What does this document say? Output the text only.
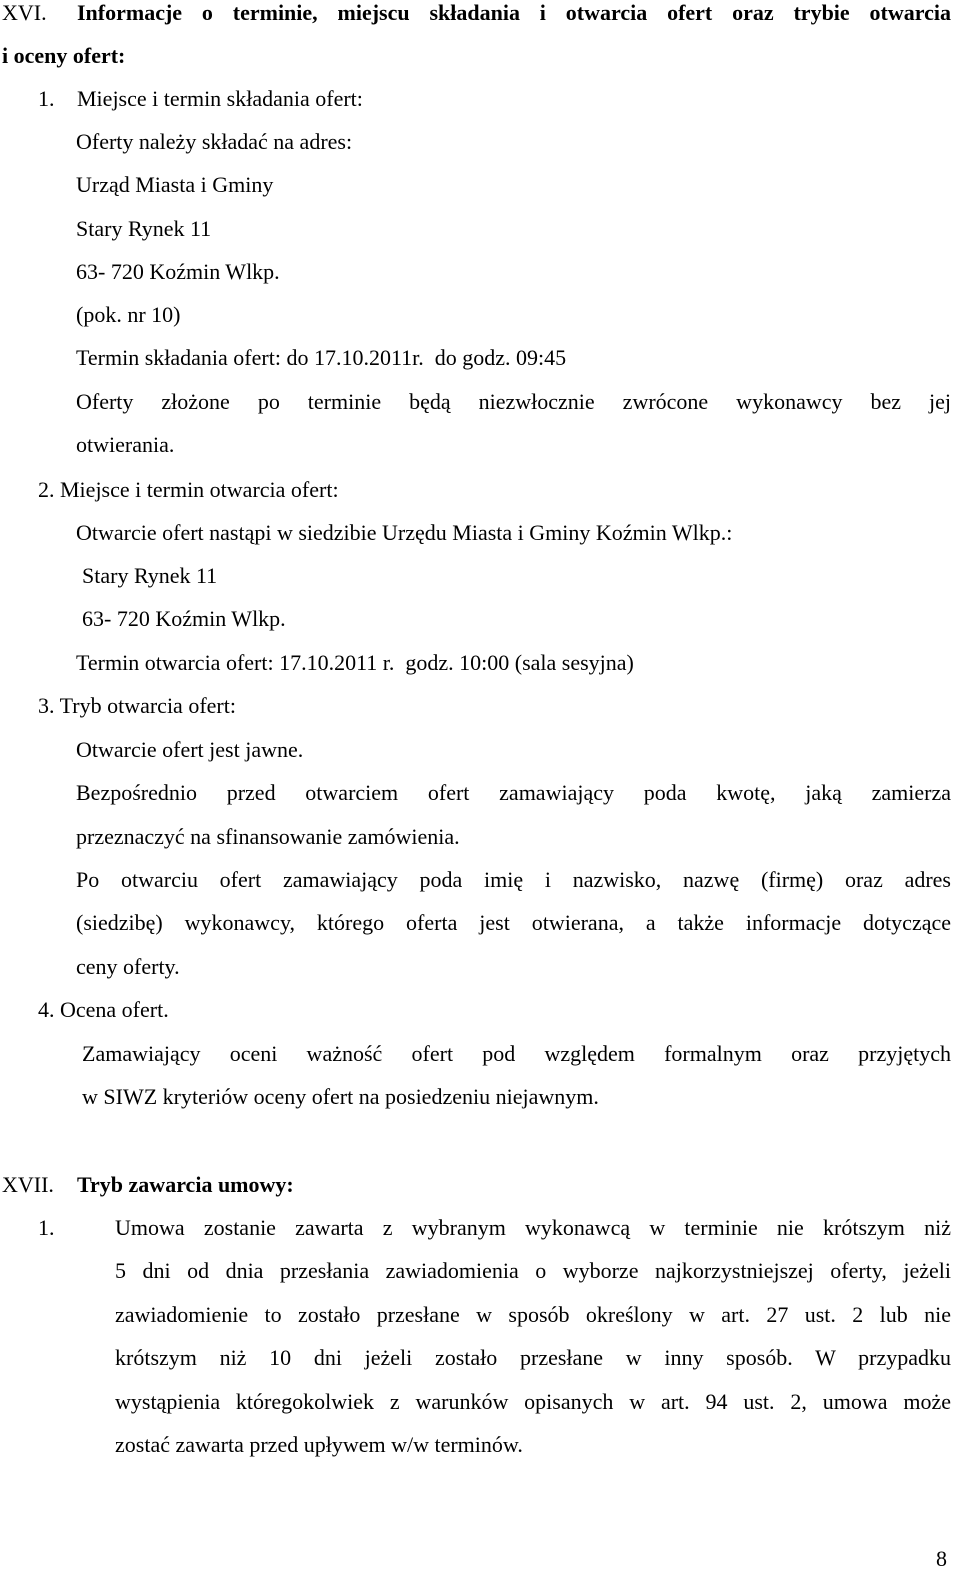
XVI. Informacje o terminie, miejscu składania i otwarcia ofert oraz trybie otwarcia
i oceny ofert:
1. Miejsce i termin składania ofert:
Oferty należy składać na adres:
Urząd Miasta i Gminy
Stary Rynek 11
63- 720 Koźmin Wlkp.
(pok. nr 10)
Termin składania ofert: do 17.10.2011r.  do godz. 09:45
Oferty złożone po terminie będą niezwłocznie zwrócone wykonawcy bez jej
otwierania.
2. Miejsce i termin otwarcia ofert:
Otwarcie ofert nastąpi w siedzibie Urzędu Miasta i Gminy Koźmin Wlkp.:
Stary Rynek 11
63- 720 Koźmin Wlkp.
Termin otwarcia ofert: 17.10.2011 r.  godz. 10:00 (sala sesyjna)
3. Tryb otwarcia ofert:
Otwarcie ofert jest jawne.
Bezpośrednio przed otwarciem ofert zamawiający poda kwotę, jaką zamierza
przeznaczyć na sfinansowanie zamówienia.
Po otwarciu ofert zamawiający poda imię i nazwisko, nazwę (firmę) oraz adres
(siedzibę) wykonawcy, którego oferta jest otwierana, a także informacje dotyczące
ceny oferty.
4. Ocena ofert.
Zamawiający oceni ważność ofert pod względem formalnym oraz przyjętych
w SIWZ kryteriów oceny ofert na posiedzeniu niejawnym.
XVII. Tryb zawarcia umowy:
1.	Umowa zostanie zawarta z wybranym wykonawcą w terminie nie krótszym niż
5 dni od dnia przesłania zawiadomienia o wyborze najkorzystniejszej oferty, jeżeli
zawiadomienie to zostało przesłane w sposób określony w art. 27 ust. 2 lub nie
krótszym niż 10 dni jeżeli zostało przesłane w inny sposób. W przypadku
wystąpienia któregokolwiek z warunków opisanych w art. 94 ust. 2, umowa może
zostać zawarta przed upływem w/w terminów.
8
